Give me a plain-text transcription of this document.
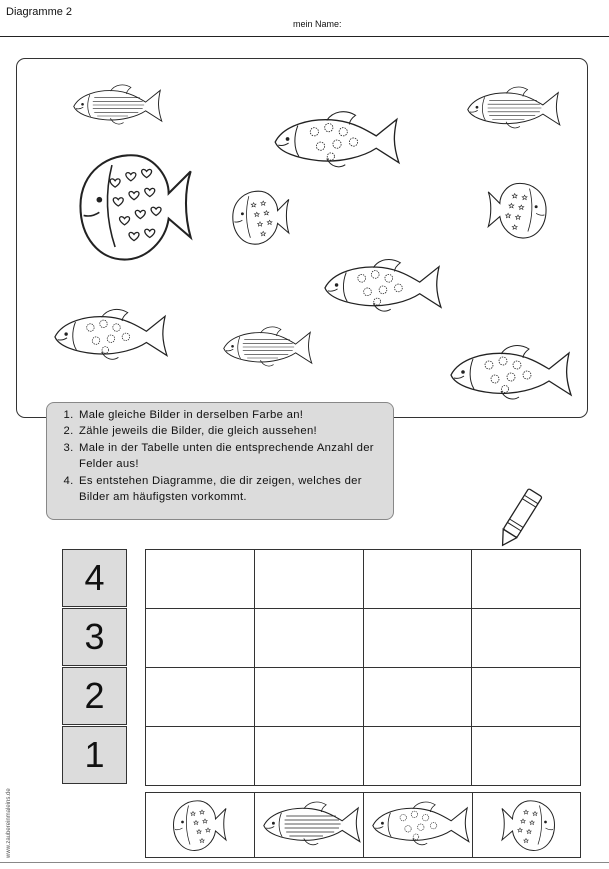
Diagramme 2
mein Name:
1. Male gleiche Bilder in derselben Farbe an!
2. Zähle jeweils die Bilder, die gleich aussehen!
3. Male in der Tabelle unten die entsprechende Anzahl der Felder aus!
4. Es entstehen Diagramme, die dir zeigen, welches der Bilder am häufigsten vorkommt.
4
3
2
1

www.zaubereinmaleins.de
